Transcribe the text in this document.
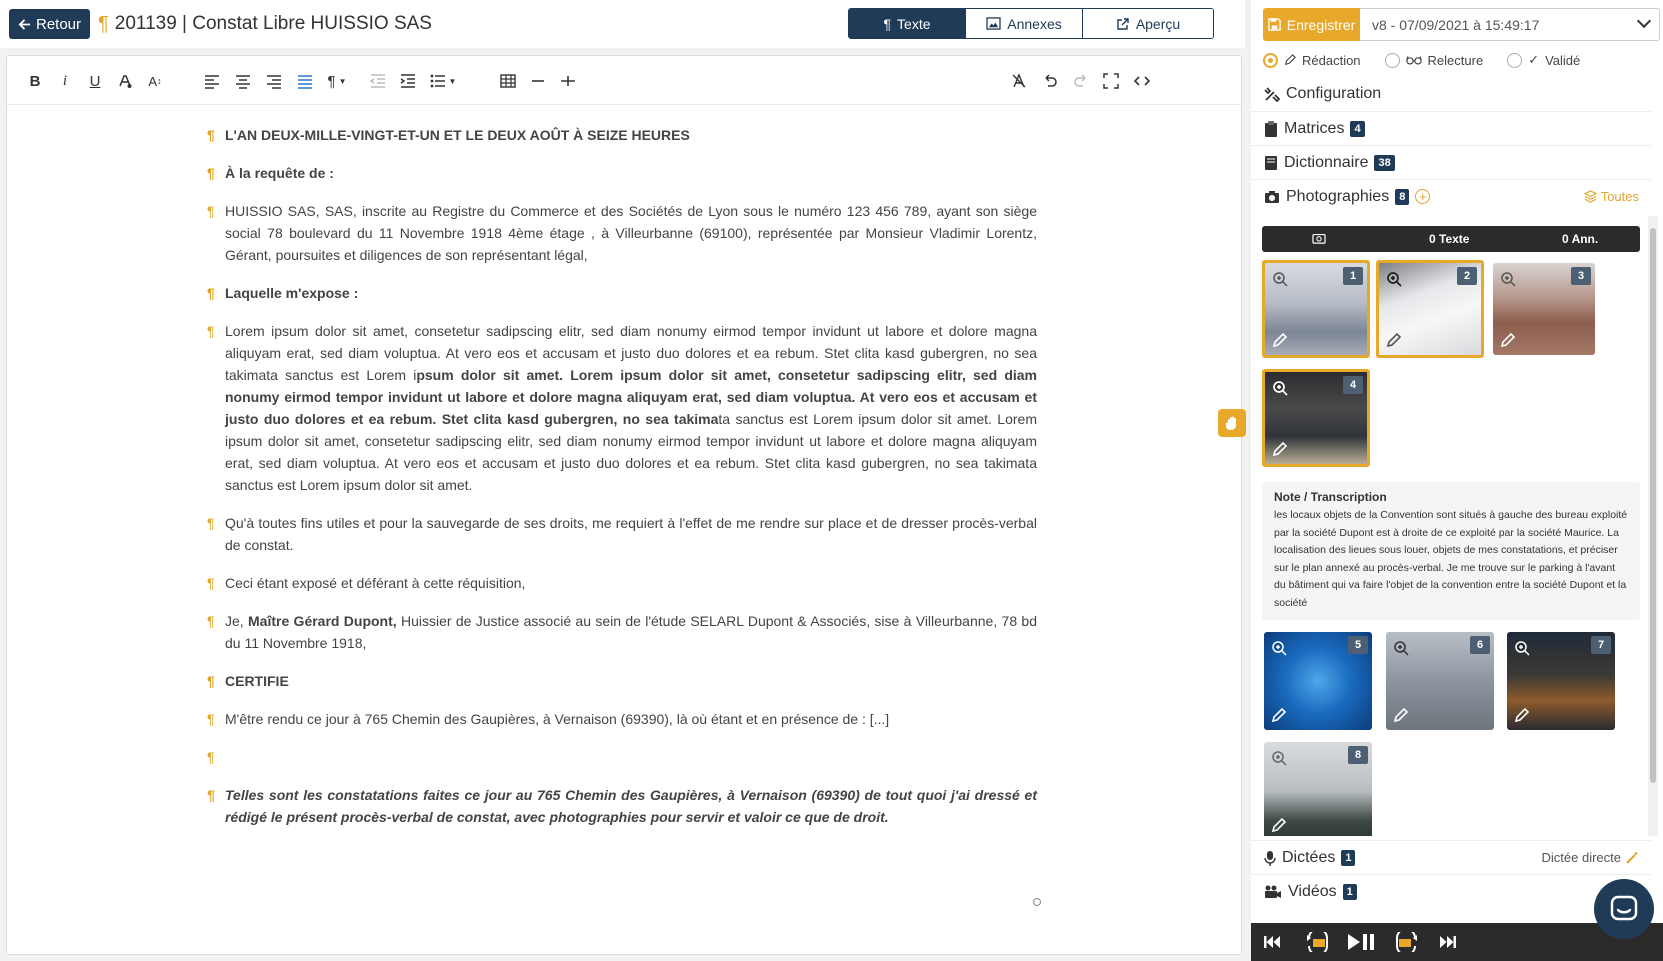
Retour ¶ 201139 | Constat Libre HUISSIO SAS	¶ Texte	Annexes	Aperçu
B	i	U	A ↕	¶ ▼	▼
¶ L'AN DEUX-MILLE-VINGT-ET-UN ET LE DEUX AOÛT À SEIZE HEURES
¶ À la requête de :
¶ HUISSIO SAS, SAS, inscrite au Registre du Commerce et des Sociétés de Lyon sous le numéro 123 456 789, ayant son siège social 78 boulevard du 11 Novembre 1918 4ème étage , à Villeurbanne (69100), représentée par Monsieur Vladimir Lorentz, Gérant, poursuites et diligences de son représentant légal,
¶ Laquelle m'expose :
¶ Lorem ipsum dolor sit amet, consetetur sadipscing elitr, sed diam nonumy eirmod tempor invidunt ut labore et dolore magna aliquyam erat, sed diam voluptua. At vero eos et accusam et justo duo dolores et ea rebum. Stet clita kasd gubergren, no sea takimata sanctus est Lorem ipsum dolor sit amet. Lorem ipsum dolor sit amet, consetetur sadipscing elitr, sed diam nonumy eirmod tempor invidunt ut labore et dolore magna aliquyam erat, sed diam voluptua. At vero eos et accusam et justo duo dolores et ea rebum. Stet clita kasd gubergren, no sea takimata sanctus est Lorem ipsum dolor sit amet. Lorem ipsum dolor sit amet, consetetur sadipscing elitr, sed diam nonumy eirmod tempor invidunt ut labore et dolore magna aliquyam erat, sed diam voluptua. At vero eos et accusam et justo duo dolores et ea rebum. Stet clita kasd gubergren, no sea takimata sanctus est Lorem ipsum dolor sit amet.
¶ Qu'à toutes fins utiles et pour la sauvegarde de ses droits, me requiert à l'effet de me rendre sur place et de dresser procès-verbal de constat.
¶ Ceci étant exposé et déférant à cette réquisition,
¶ Je, Maître Gérard Dupont, Huissier de Justice associé au sein de l'étude SELARL Dupont & Associés, sise à Villeurbanne, 78 bd du 11 Novembre 1918,
¶ CERTIFIE
¶ M'être rendu ce jour à 765 Chemin des Gaupières, à Vernaison (69390), là où étant et en présence de : [...]
¶
¶ Telles sont les constatations faites ce jour au 765 Chemin des Gaupières, à Vernaison (69390) de tout quoi j'ai dressé et rédigé le présent procès-verbal de constat, avec photographies pour servir et valoir ce que de droit.
Enregistrer v8 - 07/09/2021 à 15:49:17
Rédaction	Relecture	✓ Validé
Configuration
Matrices 4
Dictionnaire 38
Photographies 8	+	Toutes
0 Texte	0 Ann.
1	2	3
4
Note / Transcription
les locaux objets de la Convention sont situés à gauche des bureau exploité par la société Dupont est à droite de ce exploité par la société Maurice. La localisation des lieues sous louer, objets de mes constatations, et préciser sur le plan annexé au procès-verbal. Je me trouve sur le parking à l'avant du bâtiment qui va faire l'objet de la convention entre la société Dupont et la société
5	6	7
8
Dictées 1	Dictée directe
Vidéos 1
